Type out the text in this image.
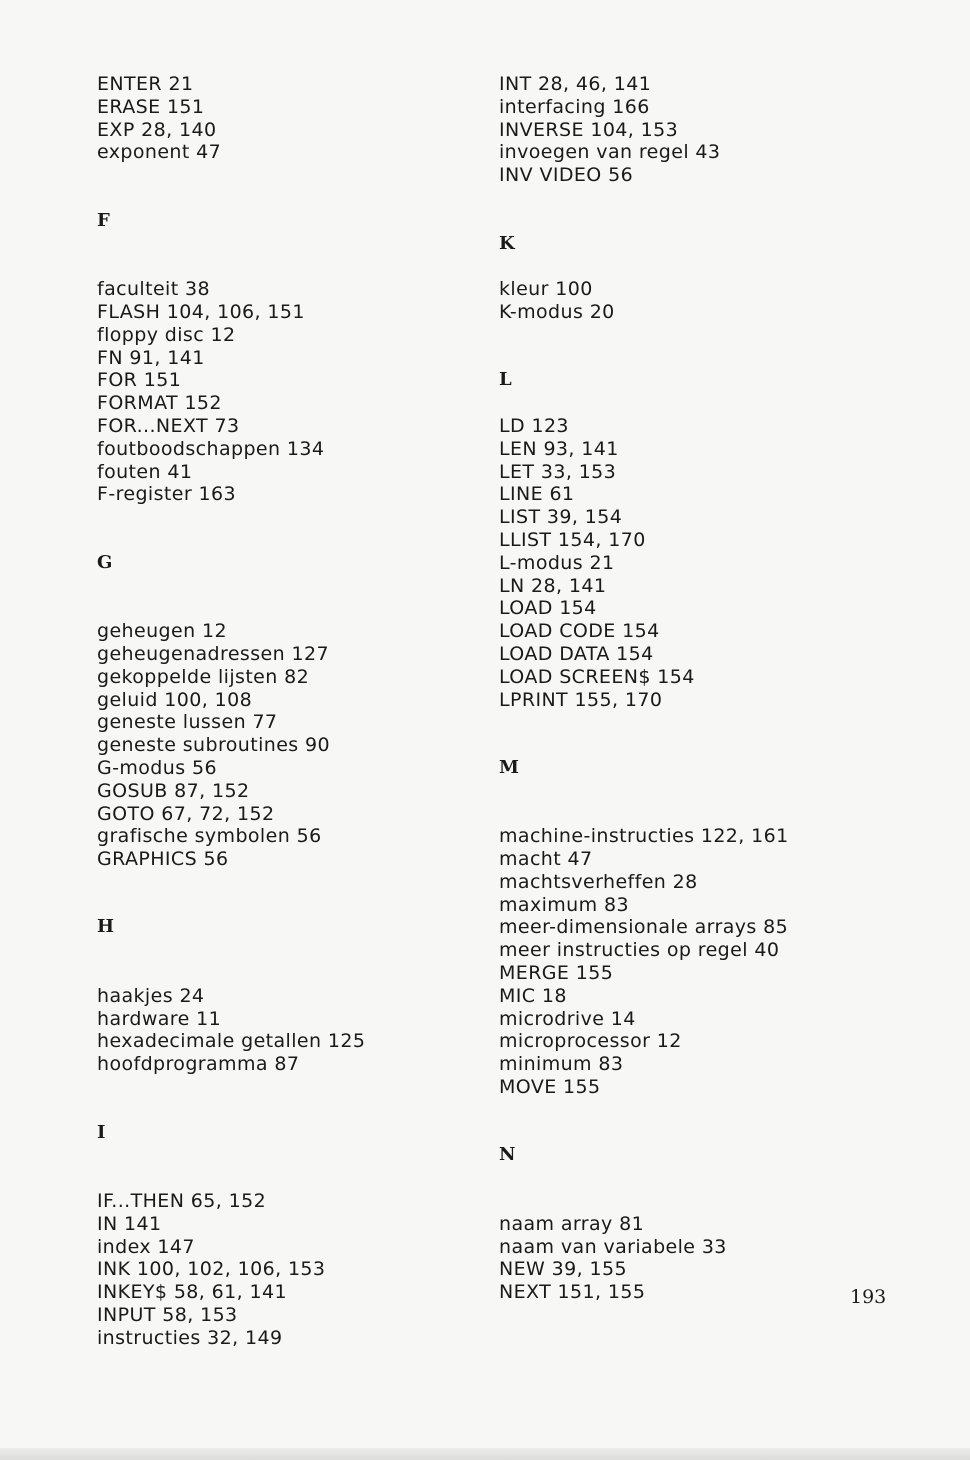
ENTER 21
ERASE 151
EXP 28, 140
exponent 47
F
faculteit 38
FLASH 104, 106, 151
floppy disc 12
FN 91, 141
FOR 151
FORMAT 152
FOR...NEXT 73
foutboodschappen 134
fouten 41
F-register 163
G
geheugen 12
geheugenadressen 127
gekoppelde lijsten 82
geluid 100, 108
geneste lussen 77
geneste subroutines 90
G-modus 56
GOSUB 87, 152
GOTO 67, 72, 152
grafische symbolen 56
GRAPHICS 56
H
haakjes 24
hardware 11
hexadecimale getallen 125
hoofdprogramma 87
I
IF...THEN 65, 152
IN 141
index 147
INK 100, 102, 106, 153
INKEY$ 58, 61, 141
INPUT 58, 153
instructies 32, 149
INT 28, 46, 141
interfacing 166
INVERSE 104, 153
invoegen van regel 43
INV VIDEO 56
K
kleur 100
K-modus 20
L
LD 123
LEN 93, 141
LET 33, 153
LINE 61
LIST 39, 154
LLIST 154, 170
L-modus 21
LN 28, 141
LOAD 154
LOAD CODE 154
LOAD DATA 154
LOAD SCREEN$ 154
LPRINT 155, 170
M
machine-instructies 122, 161
macht 47
machtsverheffen 28
maximum 83
meer-dimensionale arrays 85
meer instructies op regel 40
MERGE 155
MIC 18
microdrive 14
microprocessor 12
minimum 83
MOVE 155
N
naam array 81
naam van variabele 33
NEW 39, 155
NEXT 151, 155	193
